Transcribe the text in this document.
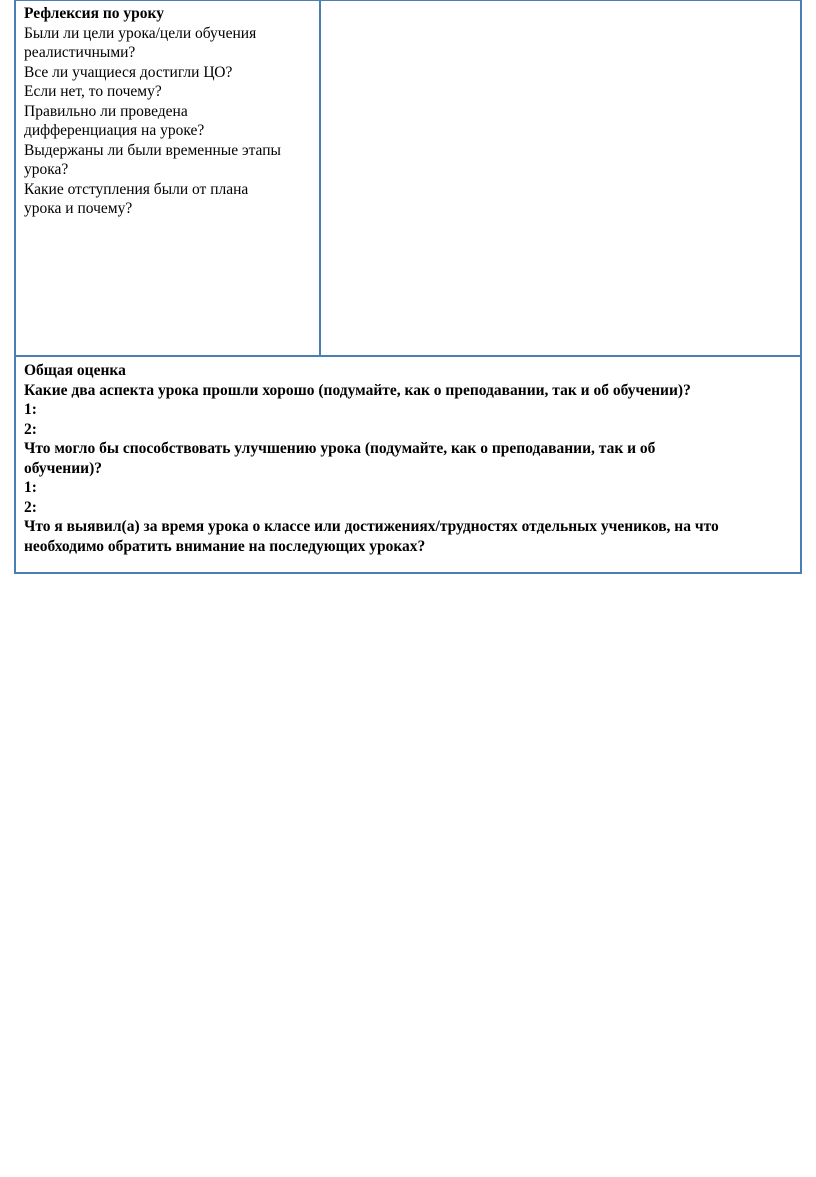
Рефлексия по уроку
Были ли цели урока/цели обучения
реалистичными?
Все ли учащиеся достигли ЦО?
Если нет, то почему?
Правильно ли проведена
дифференциация на уроке?
Выдержаны ли были временные этапы
урока?
Какие отступления были от плана
урока и почему?
Общая оценка
Какие два аспекта урока прошли хорошо (подумайте, как о преподавании, так и об обучении)?
1:
2:
Что могло бы способствовать улучшению урока (подумайте, как о преподавании, так и об
обучении)?
1:
2:
Что я выявил(а) за время урока о классе или достижениях/трудностях отдельных учеников, на что
необходимо обратить внимание на последующих уроках?
